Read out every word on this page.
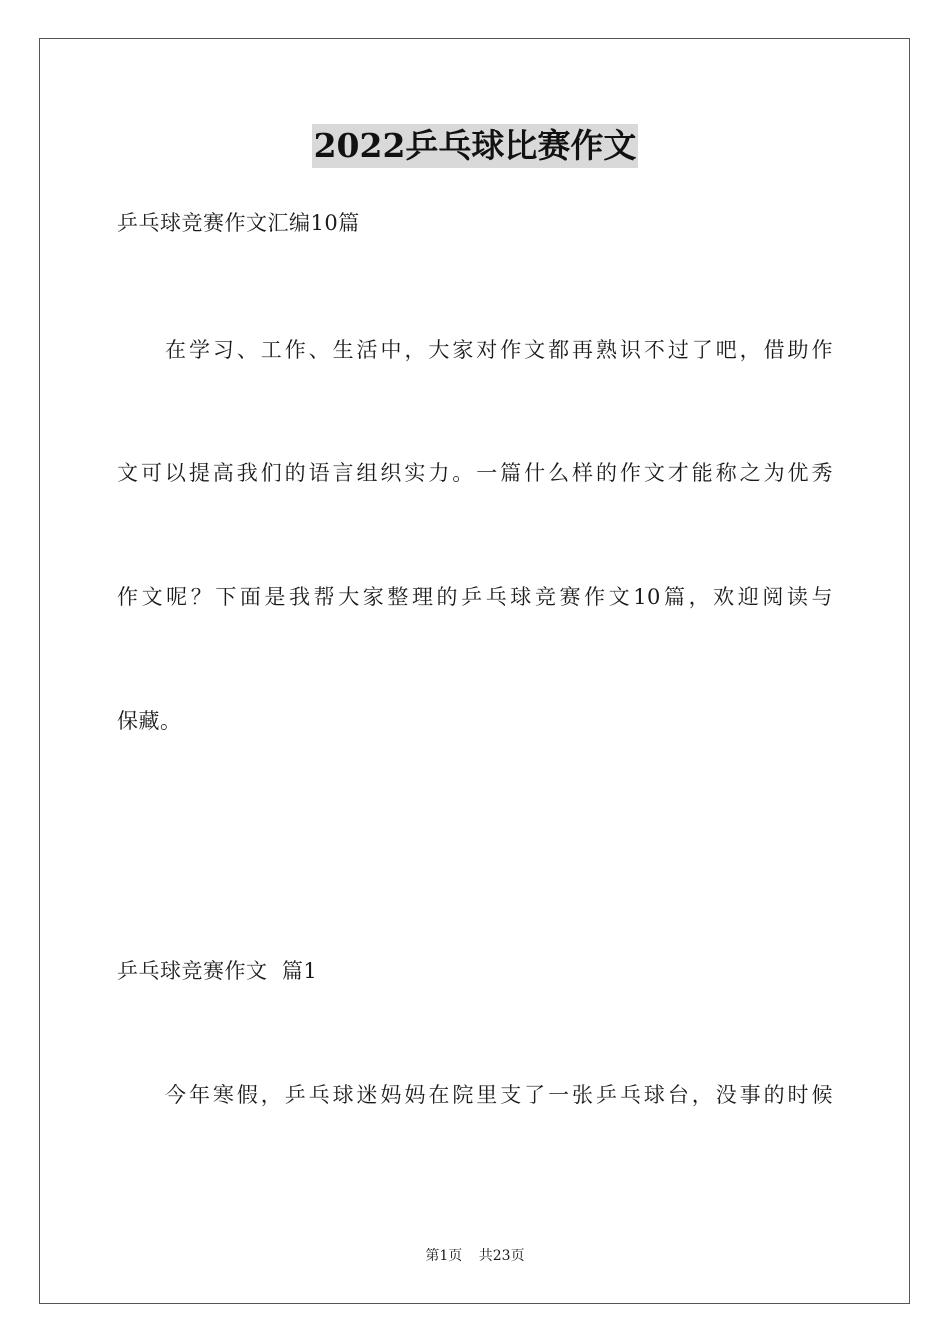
2022乒乓球比赛作文
乒乓球竞赛作文汇编10篇
在学习、工作、生活中，大家对作文都再熟识不过了吧，借助作
文可以提高我们的语言组织实力。一篇什么样的作文才能称之为优秀
作文呢？下面是我帮大家整理的乒乓球竞赛作文10篇，欢迎阅读与
保藏。
乒乓球竞赛作文  篇1
今年寒假，乒乓球迷妈妈在院里支了一张乒乓球台，没事的时候
第1页 共23页
